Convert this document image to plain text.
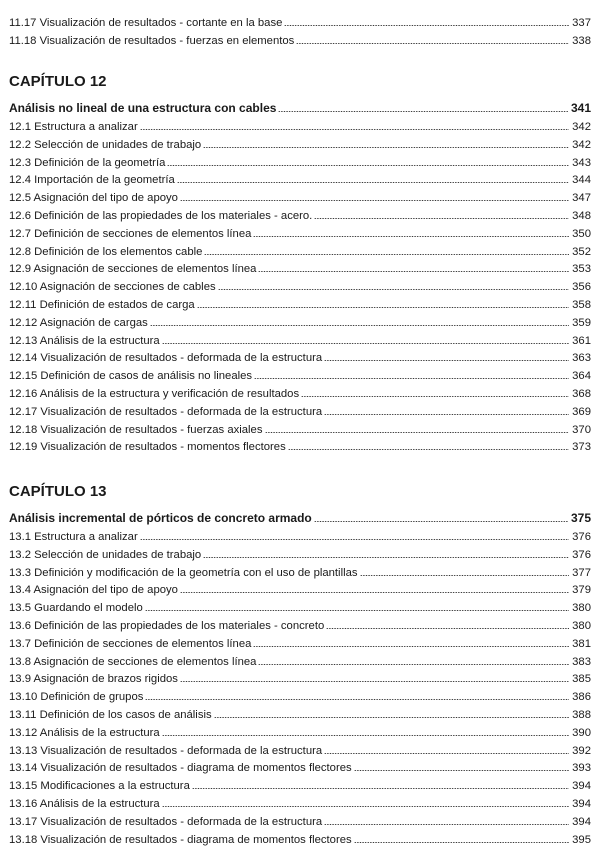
11.17 Visualización de resultados - cortante en la base	337
11.18 Visualización de resultados - fuerzas en elementos	338
CAPÍTULO 12
Análisis no lineal de una estructura con cables	341
12.1 Estructura a analizar	342
12.2 Selección de unidades de trabajo	342
12.3 Definición de la geometría	343
12.4 Importación de la geometría	344
12.5 Asignación del tipo de apoyo	347
12.6 Definición de las propiedades de los materiales - acero.	348
12.7 Definición de secciones de elementos línea	350
12.8 Definición de los elementos cable	352
12.9 Asignación de secciones de elementos línea	353
12.10 Asignación de secciones de cables	356
12.11 Definición de estados de carga	358
12.12 Asignación de cargas	359
12.13 Análisis de la estructura	361
12.14 Visualización de resultados - deformada de la estructura	363
12.15 Definición de casos de análisis no lineales	364
12.16 Análisis de la estructura y verificación de resultados	368
12.17 Visualización de resultados - deformada de la estructura	369
12.18 Visualización de resultados - fuerzas axiales	370
12.19 Visualización de resultados - momentos flectores	373
CAPÍTULO 13
Análisis incremental de pórticos de concreto armado	375
13.1 Estructura a analizar	376
13.2 Selección de unidades de trabajo	376
13.3 Definición y modificación de la geometría con el uso de plantillas	377
13.4 Asignación del tipo de apoyo	379
13.5 Guardando el modelo	380
13.6 Definición de las propiedades de los materiales - concreto	380
13.7 Definición de secciones de elementos línea	381
13.8 Asignación de secciones de elementos línea	383
13.9 Asignación de brazos rigidos	385
13.10 Definición de grupos	386
13.11 Definición de los casos de análisis	388
13.12 Análisis de la estructura	390
13.13 Visualización de resultados - deformada de la estructura	392
13.14 Visualización de resultados - diagrama de momentos flectores	393
13.15 Modificaciones a la estructura	394
13.16 Análisis de la estructura	394
13.17 Visualización de resultados - deformada de la estructura	394
13.18 Visualización de resultados - diagrama de momentos flectores	395
